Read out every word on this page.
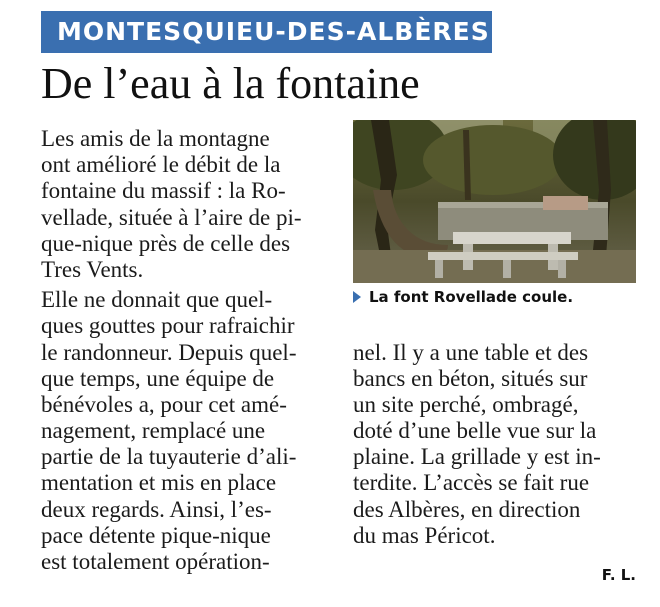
MONTESQUIEU-DES-ALBÈRES
De l’eau à la fontaine
Les amis de la montagne
ont amélioré le débit de la
fontaine du massif : la Ro-
vellade, située à l’aire de pi-
que-nique près de celle des
Tres Vents.
Elle ne donnait que quel-
ques gouttes pour rafraichir
le randonneur. Depuis quel-
que temps, une équipe de
bénévoles a, pour cet amé-
nagement, remplacé une
partie de la tuyauterie d’ali-
mentation et mis en place
deux regards. Ainsi, l’es-
pace détente pique-nique
est totalement opération-
La font Rovellade coule.
nel. Il y a une table et des
bancs en béton, situés sur
un site perché, ombragé,
doté d’une belle vue sur la
plaine. La grillade y est in-
terdite. L’accès se fait rue
des Albères, en direction
du mas Péricot.
F. L.
